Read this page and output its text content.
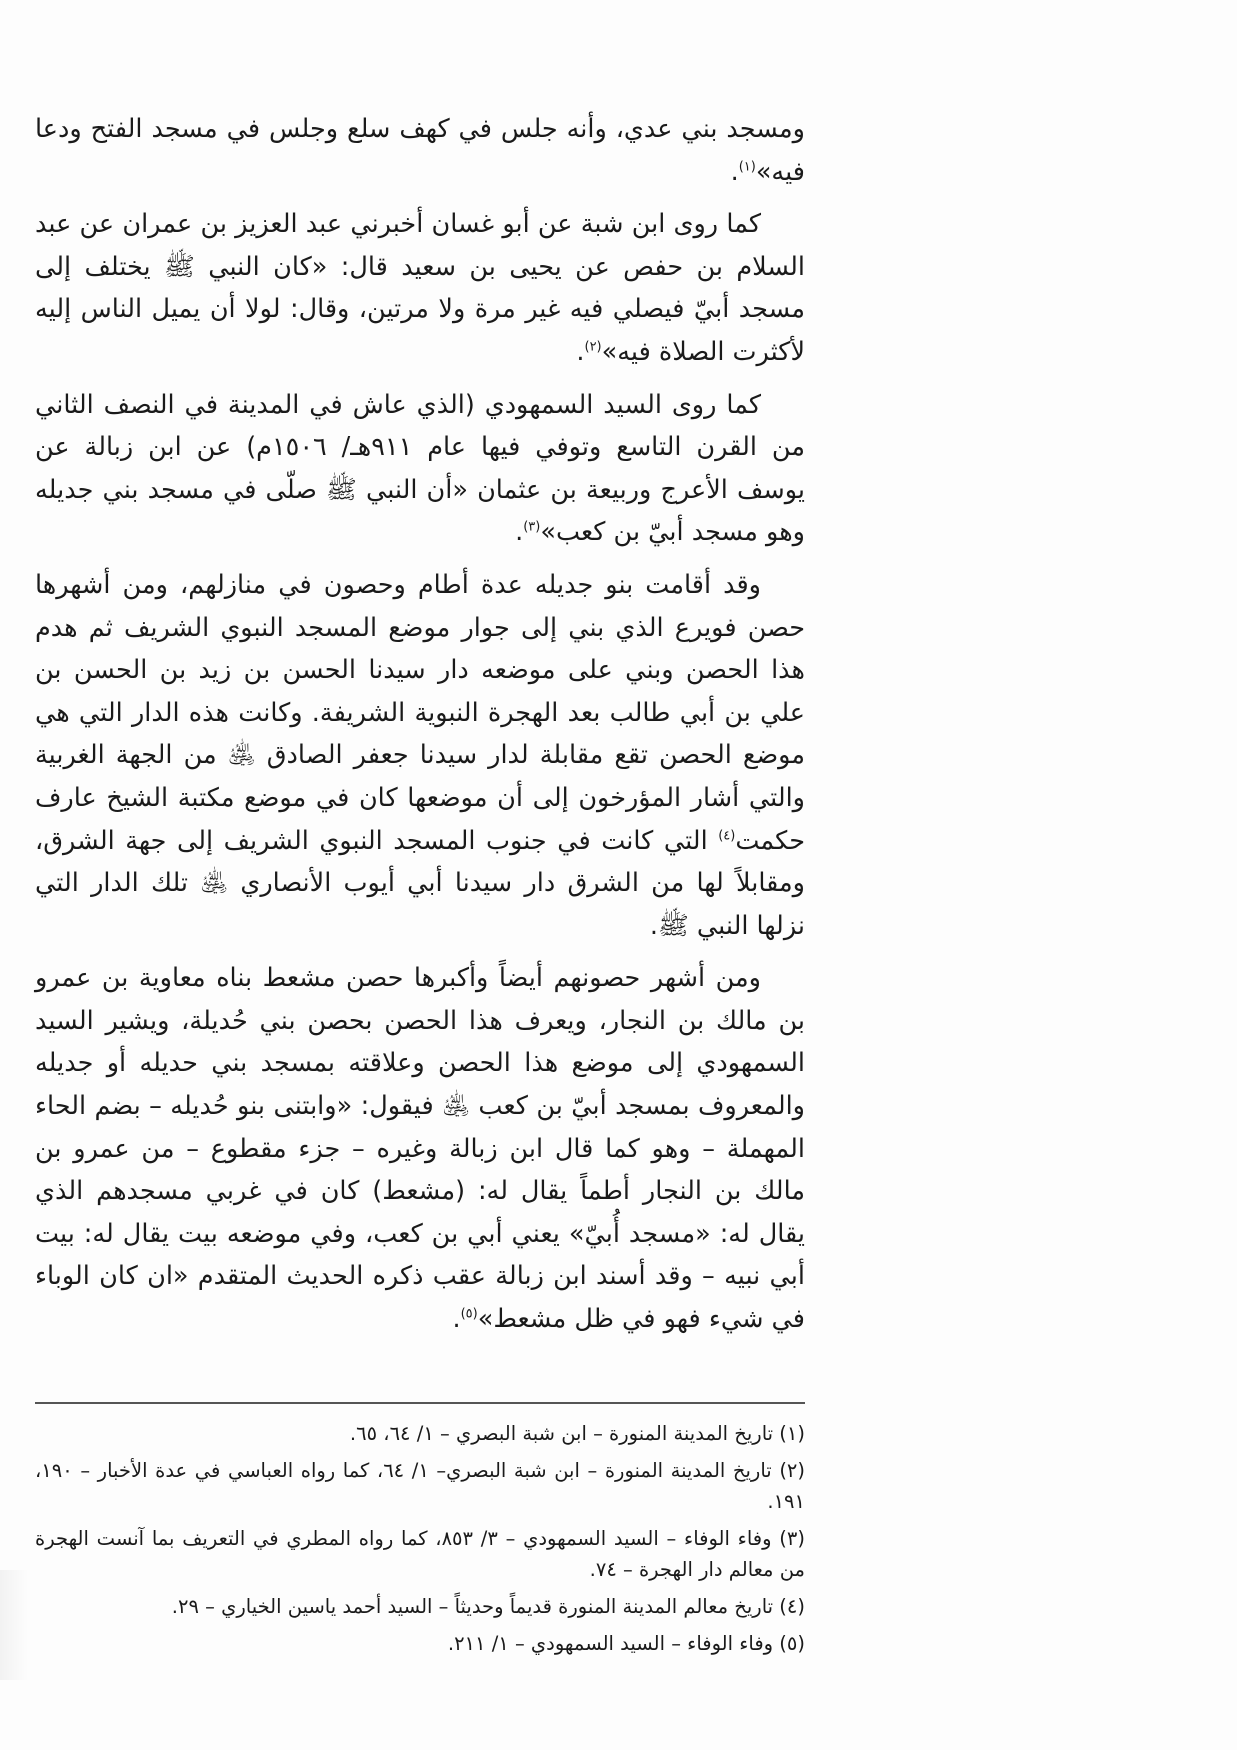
ومسجد بني عدي، وأنه جلس في كهف سلع وجلس في مسجد الفتح ودعا فيه»$^{(١)}$.

كما روى ابن شبة عن أبو غسان أخبرني عبد العزيز بن عمران عن عبد السلام بن حفص عن يحيى بن سعيد قال: «كان النبي ﷺ يختلف إلى مسجد أبيّ فيصلي فيه غير مرة ولا مرتين، وقال: لولا أن يميل الناس إليه لأكثرت الصلاة فيه»$^{(٢)}$.

كما روى السيد السمهودي (الذي عاش في المدينة في النصف الثاني من القرن التاسع وتوفي فيها عام ٩١١هـ/ ١٥٠٦م) عن ابن زبالة عن يوسف الأعرج وربيعة بن عثمان «أن النبي ﷺ صلّى في مسجد بني جديله وهو مسجد أبيّ بن كعب»$^{(٣)}$.

وقد أقامت بنو جديله عدة أطام وحصون في منازلهم، ومن أشهرها حصن فويرع الذي بني إلى جوار موضع المسجد النبوي الشريف ثم هدم هذا الحصن وبني على موضعه دار سيدنا الحسن بن زيد بن الحسن بن علي بن أبي طالب بعد الهجرة النبوية الشريفة. وكانت هذه الدار التي هي موضع الحصن تقع مقابلة لدار سيدنا جعفر الصادق ﵁ من الجهة الغربية والتي أشار المؤرخون إلى أن موضعها كان في موضع مكتبة الشيخ عارف حكمت$^{(٤)}$ التي كانت في جنوب المسجد النبوي الشريف إلى جهة الشرق، ومقابلاً لها من الشرق دار سيدنا أبي أيوب الأنصاري ﵁ تلك الدار التي نزلها النبي ﷺ.

ومن أشهر حصونهم أيضاً وأكبرها حصن مشعط بناه معاوية بن عمرو بن مالك بن النجار، ويعرف هذا الحصن بحصن بني حُديلة، ويشير السيد السمهودي إلى موضع هذا الحصن وعلاقته بمسجد بني حديله أو جديله والمعروف بمسجد أبيّ بن كعب ﵁ فيقول: «وابتنى بنو حُديله – بضم الحاء المهملة – وهو كما قال ابن زبالة وغيره – جزء مقطوع – من عمرو بن مالك بن النجار أطماً يقال له: (مشعط) كان في غربي مسجدهم الذي يقال له: «مسجد أُبيّ» يعني أبي بن كعب، وفي موضعه بيت يقال له: بيت أبي نبيه – وقد أسند ابن زبالة عقب ذكره الحديث المتقدم «ان كان الوباء في شيء فهو في ظل مشعط»$^{(٥)}$.

(١) تاريخ المدينة المنورة – ابن شبة البصري – ١/ ٦٤، ٦٥.
(٢) تاريخ المدينة المنورة – ابن شبة البصري– ١/ ٦٤، كما رواه العباسي في عدة الأخبار – ١٩٠، ١٩١.
(٣) وفاء الوفاء – السيد السمهودي – ٣/ ٨٥٣، كما رواه المطري في التعريف بما آنست الهجرة من معالم دار الهجرة – ٧٤.
(٤) تاريخ معالم المدينة المنورة قديماً وحديثاً – السيد أحمد ياسين الخياري – ٢٩.
(٥) وفاء الوفاء – السيد السمهودي – ١/ ٢١١.
